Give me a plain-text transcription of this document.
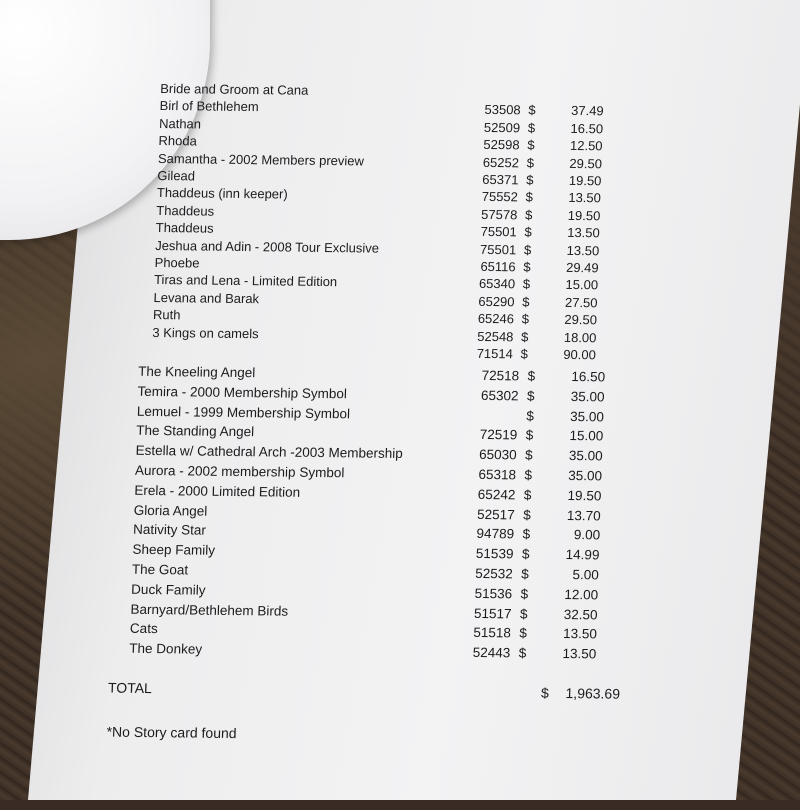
Bride and Groom at Cana
Birl of Bethlehem	53508 $	37.49
Nathan	52509 $	16.50
Rhoda	52598 $	12.50
Samantha - 2002 Members preview	65252 $	29.50
Gilead	65371 $	19.50
Thaddeus (inn keeper)	75552 $	13.50
Thaddeus	57578 $	19.50
Thaddeus	75501 $	13.50
Jeshua and Adin - 2008 Tour Exclusive	75501 $	13.50
Phoebe	65116 $	29.49
Tiras and Lena - Limited Edition	65340 $	15.00
Levana and Barak	65290 $	27.50
Ruth	65246 $	29.50
3 Kings on camels	52548 $	18.00
71514 $	90.00
The Kneeling Angel	72518 $	16.50
Temira - 2000 Membership Symbol	65302 $	35.00
Lemuel - 1999 Membership Symbol	$	35.00
The Standing Angel	72519 $	15.00
Estella w/ Cathedral Arch -2003 Membership	65030 $	35.00
Aurora - 2002 membership Symbol	65318 $	35.00
Erela - 2000 Limited Edition	65242 $	19.50
Gloria Angel	52517 $	13.70
Nativity Star	94789 $	9.00
Sheep Family	51539 $	14.99
The Goat	52532 $	5.00
Duck Family	51536 $	12.00
Barnyard/Bethlehem Birds	51517 $	32.50
Cats	51518 $	13.50
The Donkey	52443 $	13.50
TOTAL	$	1,963.69
*No Story card found
